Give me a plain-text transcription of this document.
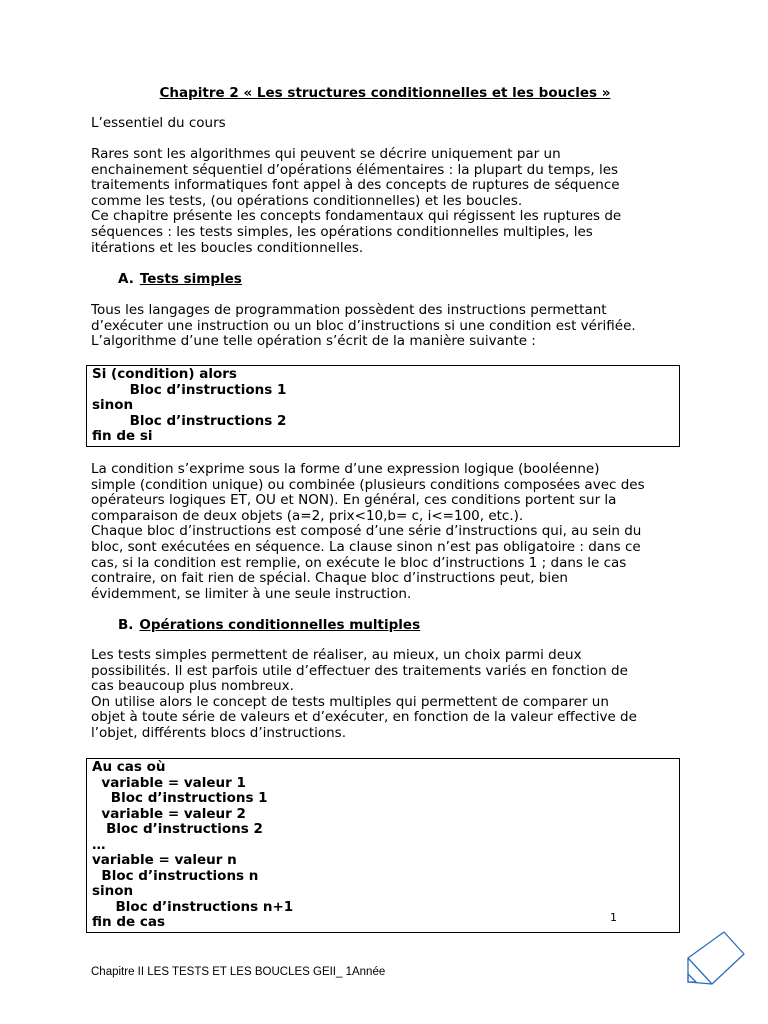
Chapitre 2 « Les structures conditionnelles et les boucles »
L’essentiel du cours
Rares sont les algorithmes qui peuvent se décrire uniquement par un
enchainement séquentiel d’opérations élémentaires : la plupart du temps, les
traitements informatiques font appel à des concepts de ruptures de séquence
comme les tests, (ou opérations conditionnelles) et les boucles.
Ce chapitre présente les concepts fondamentaux qui régissent les ruptures de
séquences : les tests simples, les opérations conditionnelles multiples, les
itérations et les boucles conditionnelles.
A. Tests simples
Tous les langages de programmation possèdent des instructions permettant
d’exécuter une instruction ou un bloc d’instructions si une condition est vérifiée.
L’algorithme d’une telle opération s’écrit de la manière suivante :
Si (condition) alors
Bloc d’instructions 1
sinon
Bloc d’instructions 2
fin de si
La condition s’exprime sous la forme d’une expression logique (booléenne)
simple (condition unique) ou combinée (plusieurs conditions composées avec des
opérateurs logiques ET, OU et NON). En général, ces conditions portent sur la
comparaison de deux objets (a=2, prix<10,b= c, i<=100, etc.).
Chaque bloc d’instructions est composé d’une série d’instructions qui, au sein du
bloc, sont exécutées en séquence. La clause sinon n’est pas obligatoire : dans ce
cas, si la condition est remplie, on exécute le bloc d’instructions 1 ; dans le cas
contraire, on fait rien de spécial. Chaque bloc d’instructions peut, bien
évidemment, se limiter à une seule instruction.
B. Opérations conditionnelles multiples
Les tests simples permettent de réaliser, au mieux, un choix parmi deux
possibilités. Il est parfois utile d’effectuer des traitements variés en fonction de
cas beaucoup plus nombreux.
On utilise alors le concept de tests multiples qui permettent de comparer un
objet à toute série de valeurs et d’exécuter, en fonction de la valeur effective de
l’objet, différents blocs d’instructions.
Au cas où
variable = valeur 1
Bloc d’instructions 1
variable = valeur 2
Bloc d’instructions 2
…
variable = valeur n
Bloc d’instructions n
sinon
Bloc d’instructions n+1
fin de cas	1
Chapitre II LES TESTS ET LES BOUCLES GEII_ 1Année
